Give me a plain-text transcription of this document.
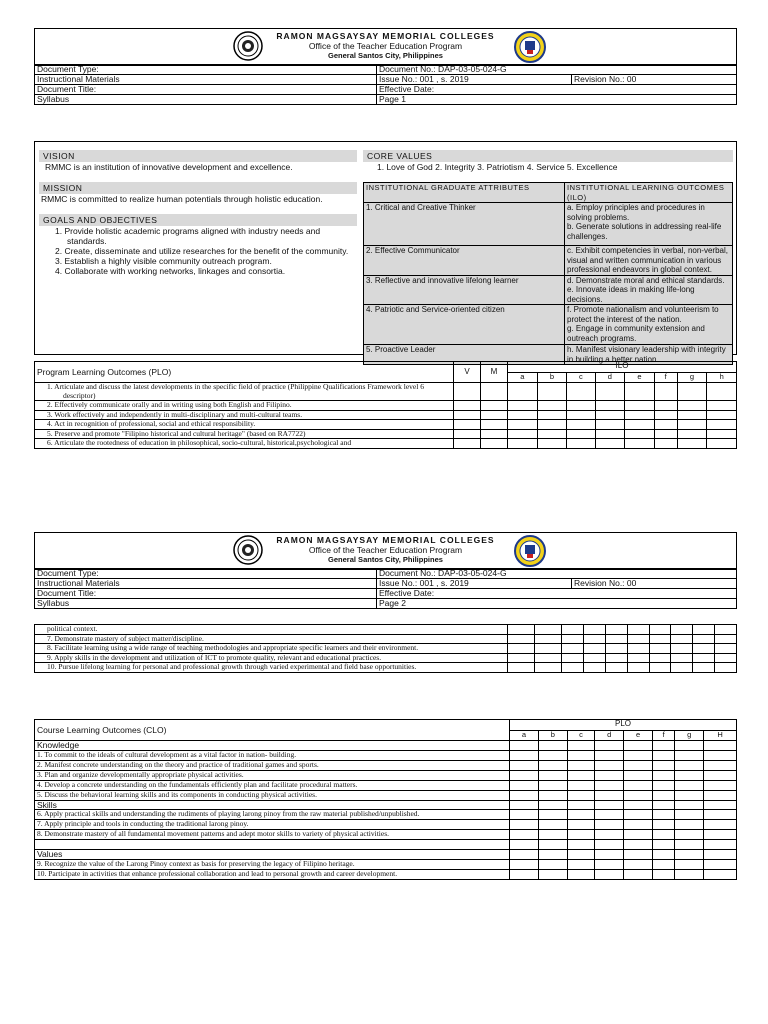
RAMON MAGSAYSAY MEMORIAL COLLEGES
Office of the Teacher Education Program
General Santos City, Philippines
Document Type:	Document No.: DAP-03-05-024-G	
Instructional Materials	Issue No.: 001 , s. 2019	Revision No.: 00
Document Title:	Effective Date:	
Syllabus	Page 1	
VISION
RMMC is an institution of innovative development and excellence.
MISSION
RMMC is committed to realize human potentials through holistic education.
GOALS AND OBJECTIVES
1. Provide holistic academic programs aligned with industry needs and standards.
2. Create, disseminate and utilize researches for the benefit of the community.
3. Establish a highly visible community outreach program.
4. Collaborate with working networks, linkages and consortia.
CORE VALUES
1. Love of God 2. Integrity 3. Patriotism 4. Service 5. Excellence
INSTITUTIONAL GRADUATE ATTRIBUTES	INSTITUTIONAL LEARNING OUTCOMES (ILO)
1. Critical and Creative Thinker	a. Employ principles and procedures in solving problems.
b. Generate solutions in addressing real-life challenges.
2. Effective Communicator	c. Exhibit competencies in verbal, non-verbal, visual and written communication in various professional endeavors in global context.
3. Reflective and innovative lifelong learner	d. Demonstrate moral and ethical standards.
e. Innovate ideas in making life-long decisions.
4. Patriotic and Service-oriented citizen	f. Promote nationalism and volunteerism to protect the interest of the nation.
g. Engage in community extension and outreach programs.
5. Proactive Leader	h. Manifest visionary leadership with integrity in building a better nation.
Program Learning Outcomes (PLO)	V	M	ILO							
			a	b	c	d	e	f	g	h
1. Articulate and discuss the latest developments in the specific field of practice (Philippine Qualifications Framework level 6 descriptor)										
2. Effectively communicate orally and in writing using both English and Filipino.										
3. Work effectively and independently in multi-disciplinary and multi-cultural teams.										
4. Act in recognition of professional, social and ethical responsibility.										
5. Preserve and promote "Filipino historical and cultural heritage" (based on RA7722)										
6. Articulate the rootedness of education in philosophical, socio-cultural, historical,psychological and										
RAMON MAGSAYSAY MEMORIAL COLLEGES
Office of the Teacher Education Program
General Santos City, Philippines
Document Type:	Document No.: DAP-03-05-024-G	
Instructional Materials	Issue No.: 001 , s. 2019	Revision No.: 00
Document Title:	Effective Date:	
Syllabus	Page 2	
political context.										
7. Demonstrate mastery of subject matter/discipline.										
8. Facilitate learning using a wide range of teaching methodologies and appropriate specific learners and their environment.										
9. Apply skills in the development and utilization of ICT to promote quality, relevant and educational practices.										
10. Pursue lifelong learning for personal and professional growth through varied experimental and field base opportunities.										
Course Learning Outcomes (CLO)	PLO							
	a	b	c	d	e	f	g	H
Knowledge								
1. To commit to the ideals of cultural development as a vital factor in nation- building.								
2. Manifest concrete understanding on the theory and practice of traditional games and sports.								
3. Plan and organize developmentally appropriate physical activities.								
4. Develop a concrete understanding on the fundamentals efficiently plan and facilitate procedural matters.								
5. Discuss the behavioral learning skills and its components in conducting physical activities.								
Skills								
6. Apply practical skills and understanding the rudiments of playing larong pinoy from the raw material published/unpublished.								
7. Apply principle and tools in conducting the traditional larong pinoy.								
8. Demonstrate mastery of all fundamental movement patterns and adept motor skills to variety of physical activities.								

Values								
9. Recognize the value of the Larong Pinoy context as basis for preserving the legacy of Filipino heritage.								
10. Participate in activities that enhance professional collaboration and lead to personal growth and career development.								
